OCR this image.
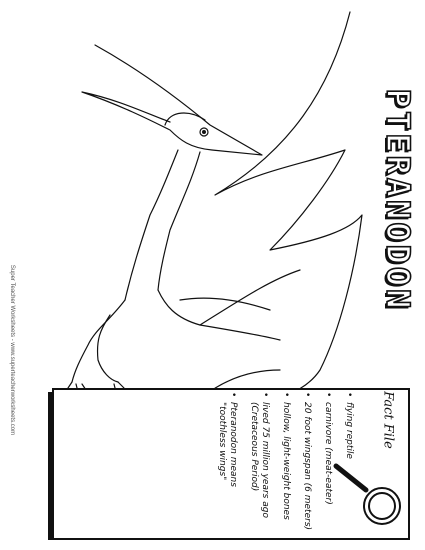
Super Teacher Worksheets - www.superteacherworksheets.com
PTERANODON
Fact File
• flying reptile
• carnivore (meat-eater)
• 20 foot wingspan (6 meters)
• hollow, light-weight bones
• lived 75 million years ago (Cretaceous Period)
• Pteranodon means "toothless wings"
